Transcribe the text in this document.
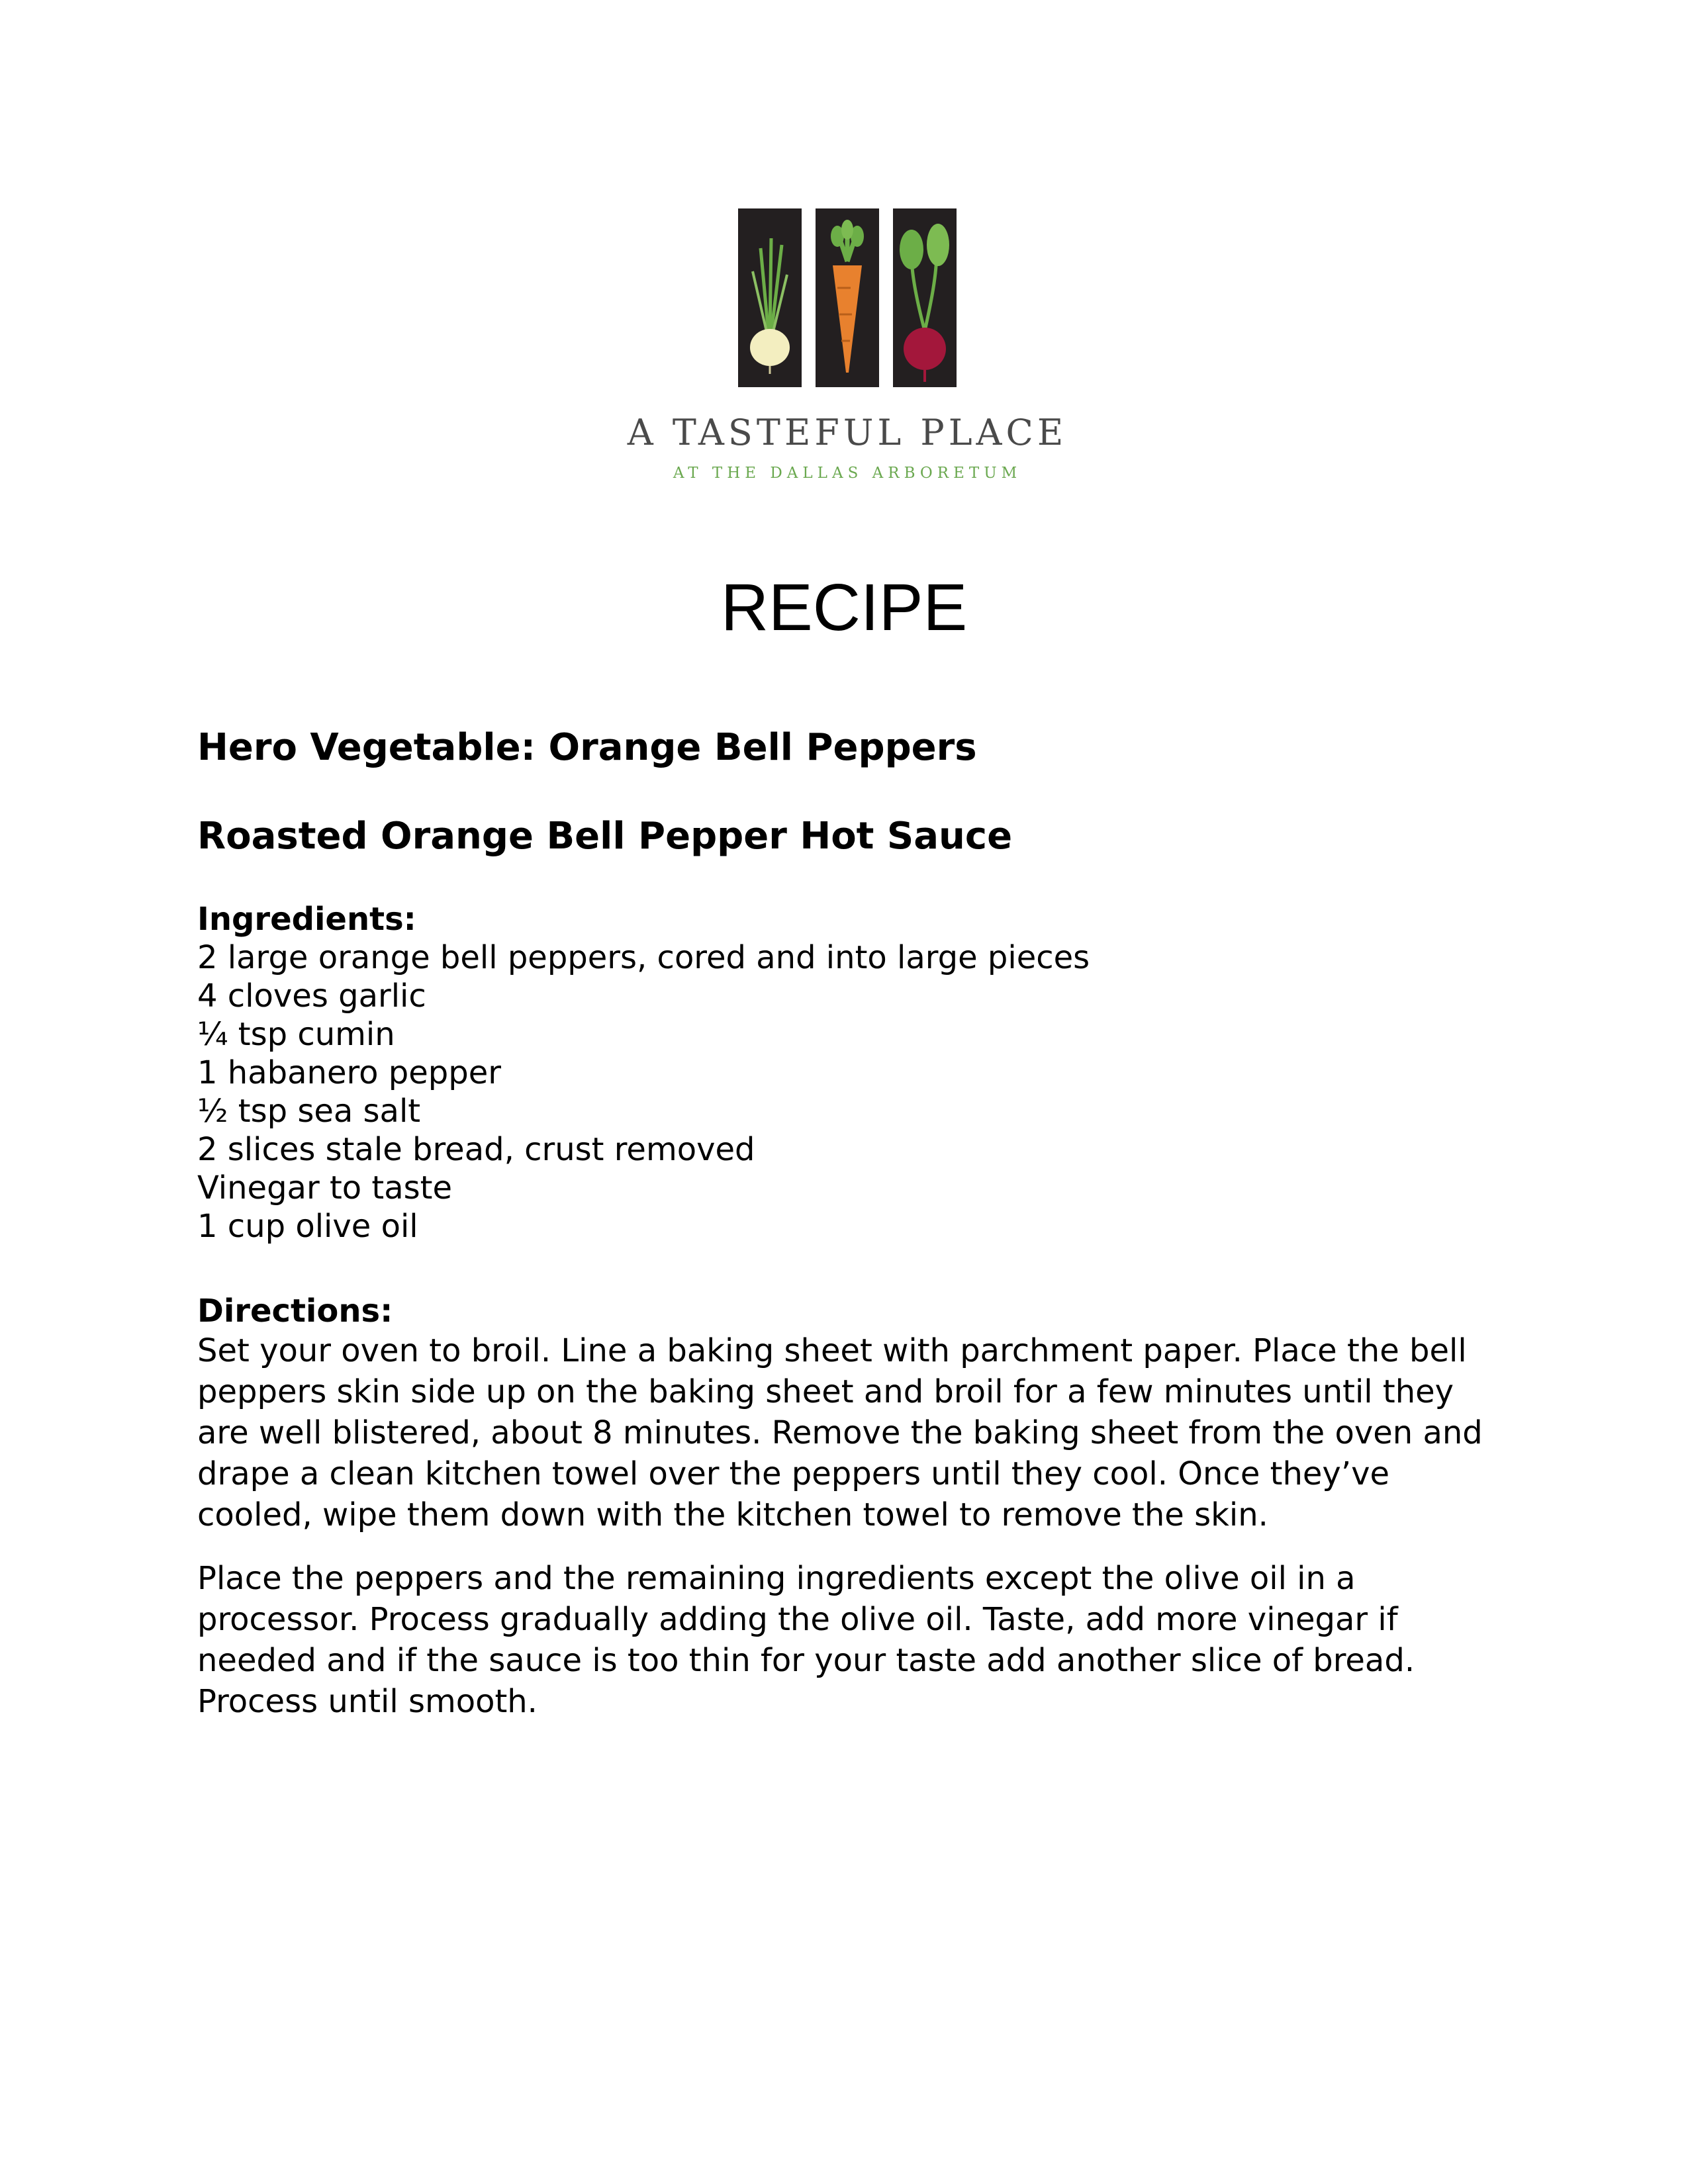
A TASTEFUL PLACE
AT THE DALLAS ARBORETUM
RECIPE
Hero Vegetable: Orange Bell Peppers
Roasted Orange Bell Pepper Hot Sauce
Ingredients:
2 large orange bell peppers, cored and into large pieces
4 cloves garlic
¼ tsp cumin
1 habanero pepper
½ tsp sea salt
2 slices stale bread, crust removed
Vinegar to taste
1 cup olive oil
Directions:

Set your oven to broil. Line a baking sheet with parchment paper. Place the bell peppers skin side up on the baking sheet and broil for a few minutes until they are well blistered, about 8 minutes. Remove the baking sheet from the oven and drape a clean kitchen towel over the peppers until they cool. Once they’ve cooled, wipe them down with the kitchen towel to remove the skin.

Place the peppers and the remaining ingredients except the olive oil in a processor. Process gradually adding the olive oil. Taste, add more vinegar if needed and if the sauce is too thin for your taste add another slice of bread. Process until smooth.
